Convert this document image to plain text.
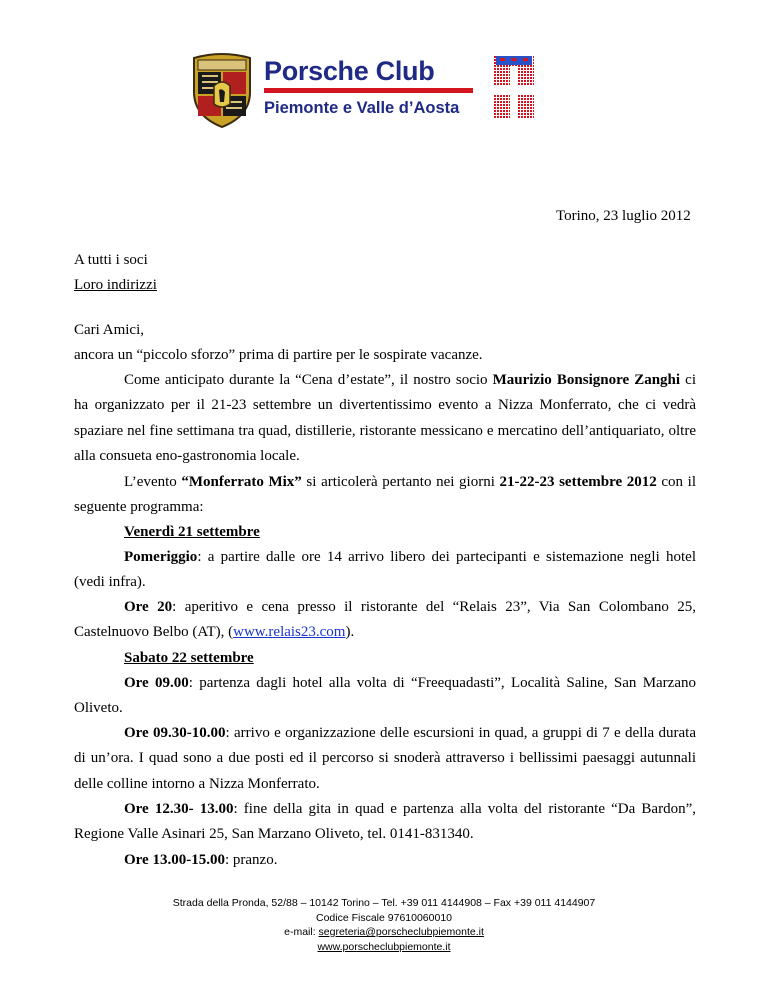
Porsche Club
Piemonte e Valle d’Aosta
Torino, 23 luglio 2012
A tutti i soci
Loro indirizzi
Cari Amici,
ancora un “piccolo sforzo” prima di partire per le sospirate vacanze.
Come anticipato durante la “Cena d’estate”, il nostro socio Maurizio Bonsignore Zanghi ci ha organizzato per il 21-23 settembre un divertentissimo evento a Nizza Monferrato, che ci vedrà spaziare nel fine settimana tra quad, distillerie, ristorante messicano e mercatino dell’antiquariato, oltre alla consueta eno-gastronomia locale.
L’evento “Monferrato Mix” si articolerà pertanto nei giorni 21-22-23 settembre 2012 con il seguente programma:
Venerdì 21 settembre
Pomeriggio: a partire dalle ore 14 arrivo libero dei partecipanti e sistemazione negli hotel (vedi infra).
Ore 20: aperitivo e cena presso il ristorante del “Relais 23”, Via San Colombano 25, Castelnuovo Belbo (AT), (www.relais23.com).
Sabato 22 settembre
Ore 09.00: partenza dagli hotel alla volta di “Freequadasti”, Località Saline, San Marzano Oliveto.
Ore 09.30-10.00: arrivo e organizzazione delle escursioni in quad, a gruppi di 7 e della durata di un’ora. I quad sono a due posti ed il percorso si snoderà attraverso i bellissimi paesaggi autunnali delle colline intorno a Nizza Monferrato.
Ore 12.30- 13.00: fine della gita in quad e partenza alla volta del ristorante “Da Bardon”, Regione Valle Asinari 25, San Marzano Oliveto, tel. 0141-831340.
Ore 13.00-15.00: pranzo.
Strada della Pronda, 52/88 – 10142 Torino – Tel. +39 011 4144908 – Fax +39 011 4144907
Codice Fiscale 97610060010
e-mail: segreteria@porscheclubpiemonte.it
www.porscheclubpiemonte.it
